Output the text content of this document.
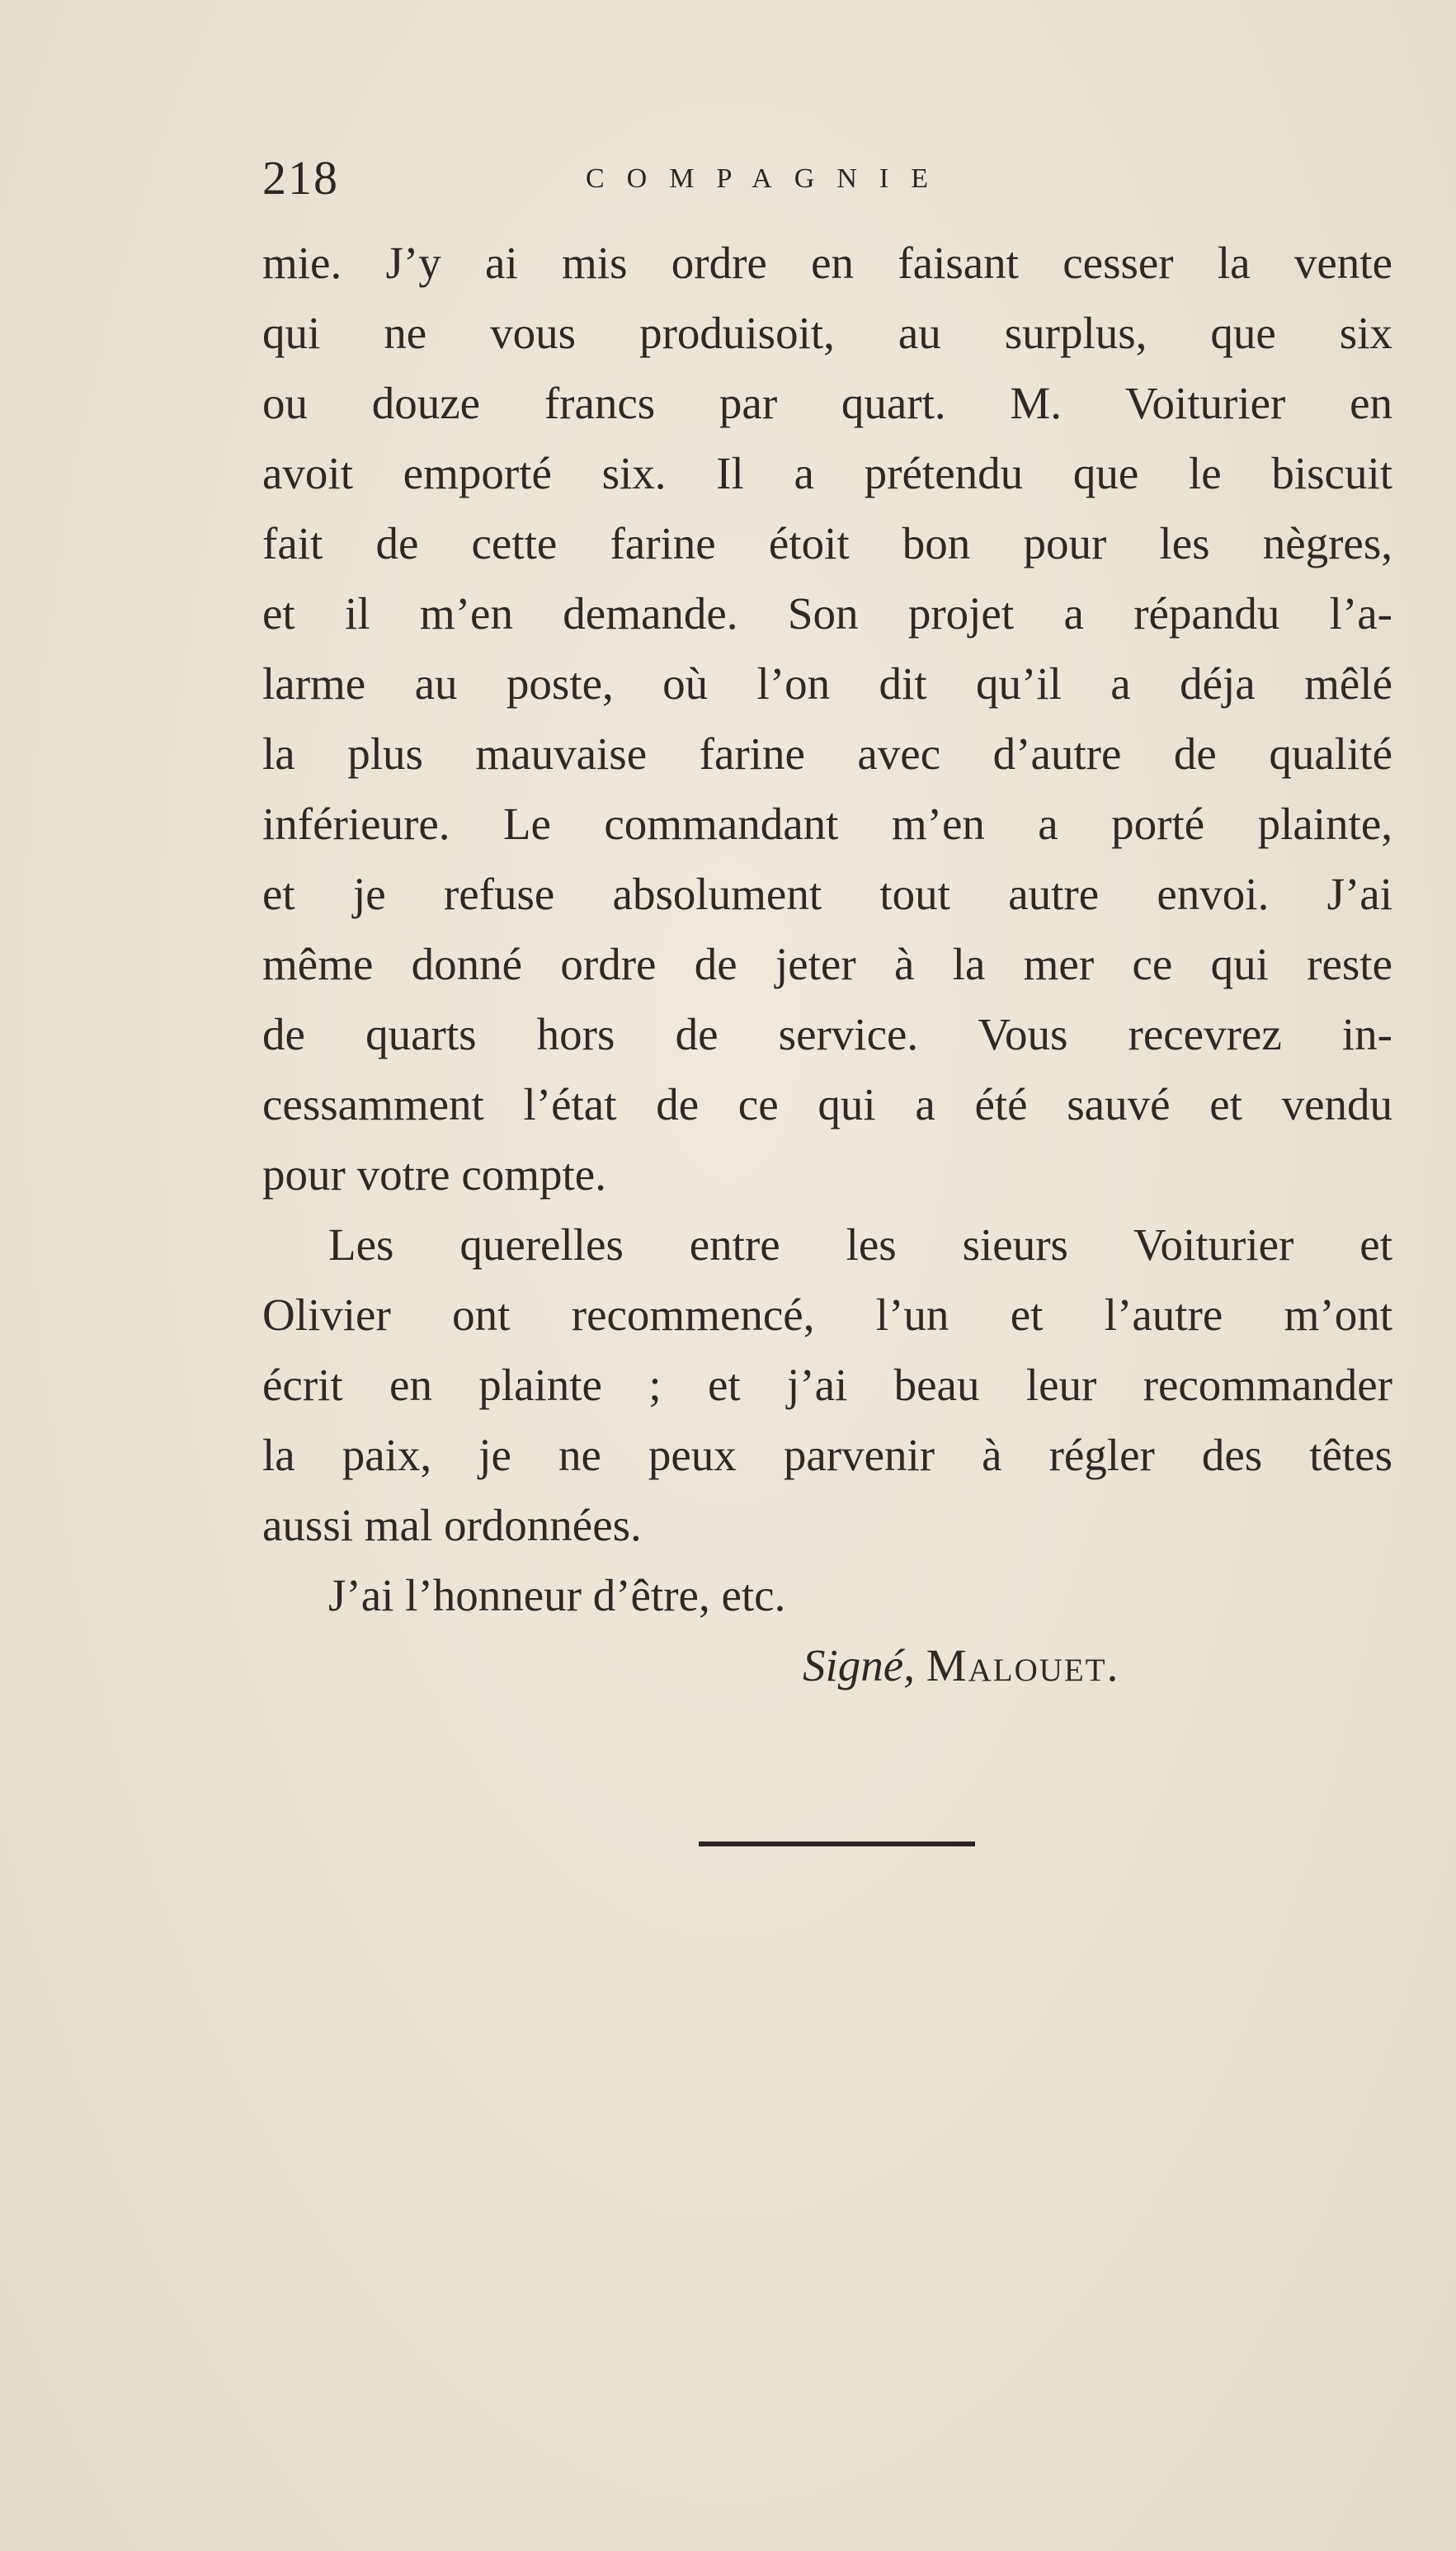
218	COMPAGNIE
mie. J’y ai mis ordre en faisant cesser la vente
qui ne vous produisoit, au surplus, que six
ou douze francs par quart. M. Voiturier en
avoit emporté six. Il a prétendu que le biscuit
fait de cette farine étoit bon pour les nègres,
et il m’en demande. Son projet a répandu l’a-
larme au poste, où l’on dit qu’il a déja mêlé
la plus mauvaise farine avec d’autre de qualité
inférieure. Le commandant m’en a porté plainte,
et je refuse absolument tout autre envoi. J’ai
même donné ordre de jeter à la mer ce qui reste
de quarts hors de service. Vous recevrez in-
cessamment l’état de ce qui a été sauvé et vendu
pour votre compte.
Les querelles entre les sieurs Voiturier et
Olivier ont recommencé, l’un et l’autre m’ont
écrit en plainte ; et j’ai beau leur recommander
la paix, je ne peux parvenir à régler des têtes
aussi mal ordonnées.
J’ai l’honneur d’être, etc.
Signé, Malouet.
